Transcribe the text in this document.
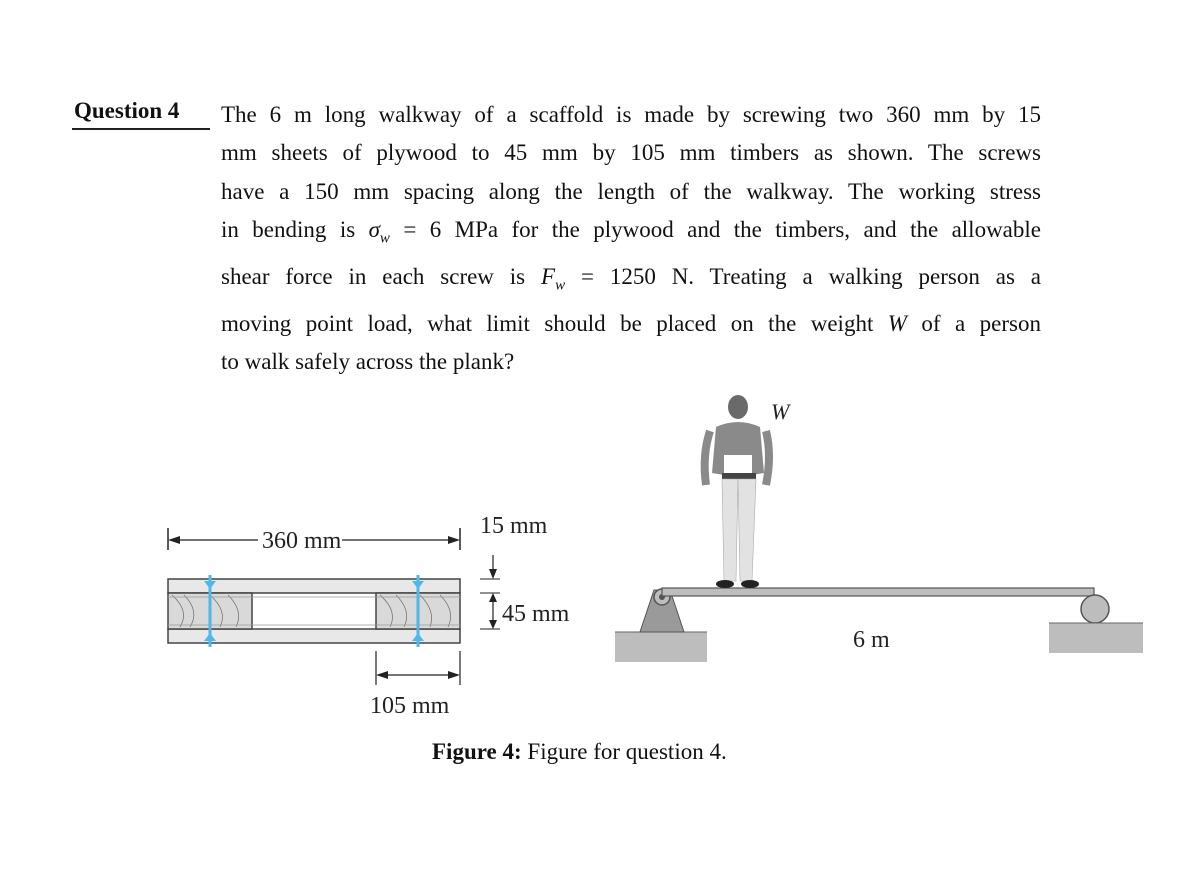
Question 4 The 6 m long walkway of a scaffold is made by screwing two 360 mm by 15
mm sheets of plywood to 45 mm by 105 mm timbers as shown. The screws
have a 150 mm spacing along the length of the walkway. The working stress
in bending is $\sigma_w = 6$ MPa for the plywood and the timbers, and the allowable
shear force in each screw is $F_w = 1250$ N. Treating a walking person as a
moving point load, what limit should be placed on the weight W of a person
to walk safely across the plank?
360 mm
15 mm
45 mm
105 mm
6 m
W
Figure 4: Figure for question 4.
